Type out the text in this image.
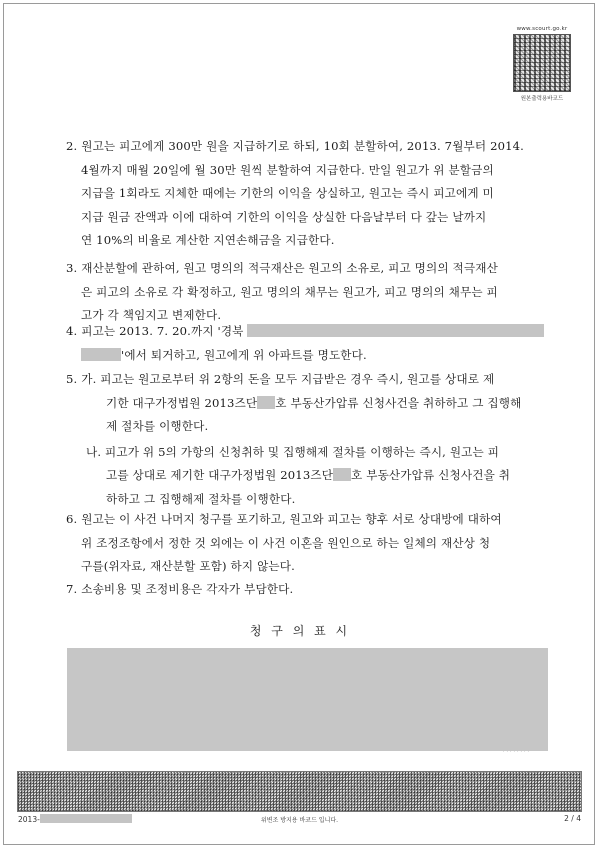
www.scourt.go.kr
원본출력용바코드
2. 원고는 피고에게 300만 원을 지급하기로 하되, 10회 분할하여, 2013. 7월부터 2014.
4월까지 매월 20일에 월 30만 원씩 분할하여 지급한다. 만일 원고가 위 분할금의
지급을 1회라도 지체한 때에는 기한의 이익을 상실하고, 원고는 즉시 피고에게 미
지급 원금 잔액과 이에 대하여 기한의 이익을 상실한 다음날부터 다 갚는 날까지
연 10%의 비율로 계산한 지연손해금을 지급한다.
3. 재산분할에 관하여, 원고 명의의 적극재산은 원고의 소유로, 피고 명의의 적극재산
은 피고의 소유로 각 확정하고, 원고 명의의 채무는 원고가, 피고 명의의 채무는 피
고가 각 책임지고 변제한다.
4. 피고는 2013. 7. 20.까지 '경북
'에서 퇴거하고, 원고에게 위 아파트를 명도한다.
5. 가. 피고는 원고로부터 위 2항의 돈을 모두 지급받은 경우 즉시, 원고를 상대로 제
기한 대구가정법원 2013즈단 호 부동산가압류 신청사건을 취하하고 그 집행해
제 절차를 이행한다.
나. 피고가 위 5의 가항의 신청취하 및 집행해제 절차를 이행하는 즉시, 원고는 피
고를 상대로 제기한 대구가정법원 2013즈단 호 부동산가압류 신청사건을 취
하하고 그 집행해제 절차를 이행한다.
6. 원고는 이 사건 나머지 청구를 포기하고, 원고와 피고는 향후 서로 상대방에 대하여
위 조정조항에서 정한 것 외에는 이 사건 이혼을 원인으로 하는 일체의 재산상 청
구를(위자료, 재산분할 포함) 하지 않는다.
7. 소송비용 및 조정비용은 각자가 부담한다.
청 구 의 표 시
· · · · · · · ·
2013-	위변조 방지용 바코드 입니다.	2 / 4
